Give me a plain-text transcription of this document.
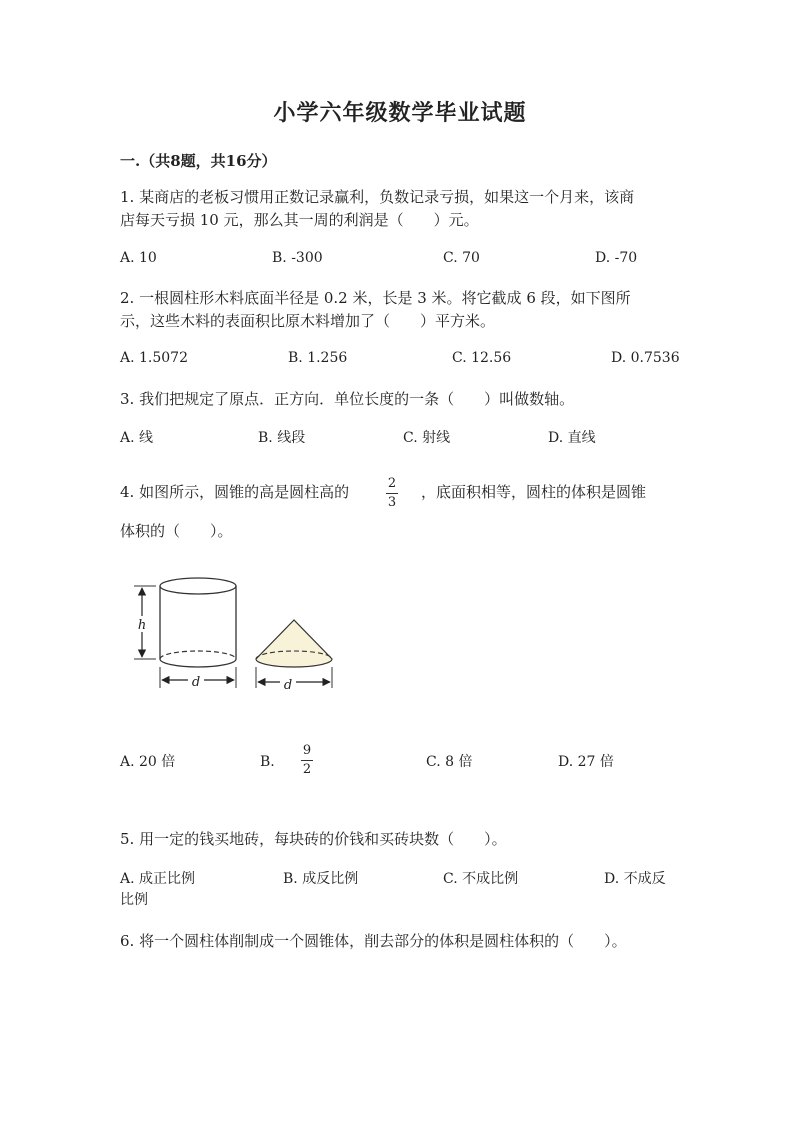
小学六年级数学毕业试题
一.（共8题，共16分）
1. 某商店的老板习惯用正数记录赢利，负数记录亏损，如果这一个月来，该商
店每天亏损 10 元，那么其一周的利润是（　　）元。
A. 10	B. -300	C. 70	D. -70
2. 一根圆柱形木料底面半径是 0.2 米，长是 3 米。将它截成 6 段，如下图所
示，这些木料的表面积比原木料增加了（　　）平方米。
A. 1.5072	B. 1.256	C. 12.56	D. 0.7536
3. 我们把规定了原点．正方向．单位长度的一条（　　）叫做数轴。
A. 线	B. 线段	C. 射线	D. 直线
4. 如图所示，圆锥的高是圆柱高的	2
3
，底面积相等，圆柱的体积是圆锥
体积的（　　）。
h
d	d
A. 20 倍	B.
9
2	C. 8 倍	D. 27 倍
5. 用一定的钱买地砖，每块砖的价钱和买砖块数（　　）。
A. 成正比例	B. 成反比例	C. 不成比例	D. 不成反
比例
6. 将一个圆柱体削制成一个圆锥体，削去部分的体积是圆柱体积的（　　）。
